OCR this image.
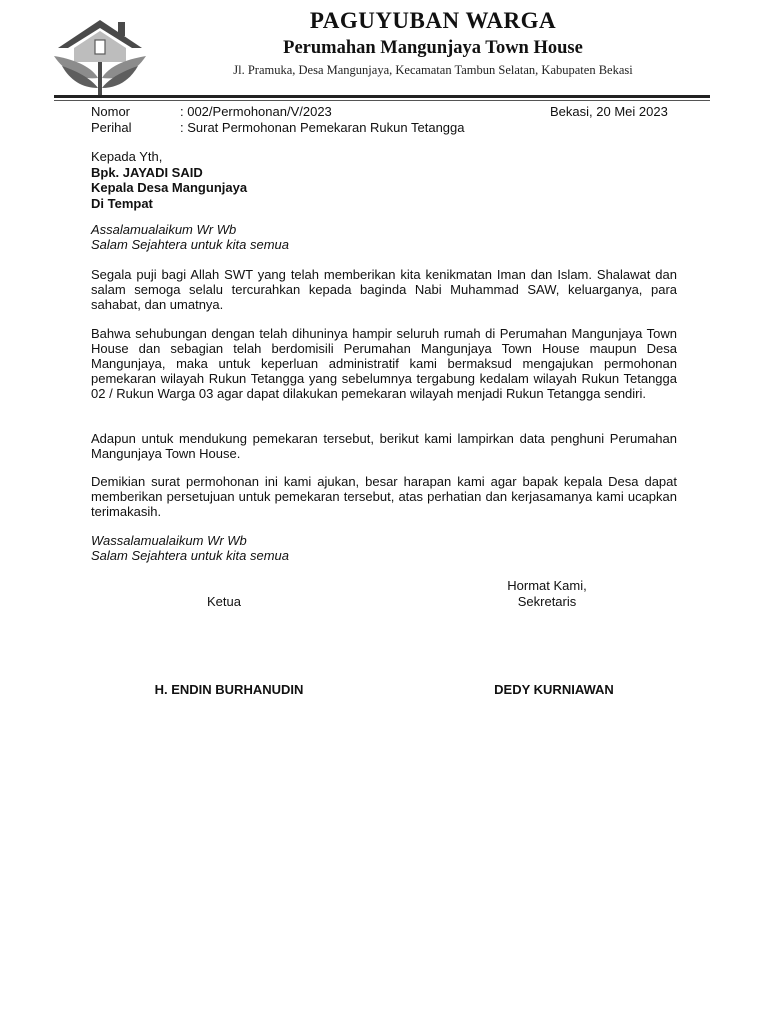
PAGUYUBAN WARGA
Perumahan Mangunjaya Town House
Jl. Pramuka, Desa Mangunjaya, Kecamatan Tambun Selatan, Kabupaten Bekasi
Nomor	: 002/Permohonan/V/2023	Bekasi, 20 Mei 2023
Perihal	: Surat Permohonan Pemekaran Rukun Tetangga

Kepada Yth,

Bpk. JAYADI SAID

Kepala Desa Mangunjaya

Di Tempat

Assalamualaikum Wr Wb

Salam Sejahtera untuk kita semua

Segala puji bagi Allah SWT yang telah memberikan kita kenikmatan Iman dan Islam. Shalawat dan salam semoga selalu tercurahkan kepada baginda Nabi Muhammad SAW, keluarganya, para sahabat, dan umatnya.

Bahwa sehubungan dengan telah dihuninya hampir seluruh rumah di Perumahan Mangunjaya Town House dan sebagian telah berdomisili Perumahan Mangunjaya Town House maupun Desa Mangunjaya, maka untuk keperluan administratif kami bermaksud mengajukan permohonan pemekaran wilayah Rukun Tetangga yang sebelumnya tergabung kedalam wilayah Rukun Tetangga 02 / Rukun Warga 03 agar dapat dilakukan pemekaran wilayah menjadi Rukun Tetangga sendiri.

Adapun untuk mendukung pemekaran tersebut, berikut kami lampirkan data penghuni Perumahan Mangunjaya Town House.

Demikian surat permohonan ini kami ajukan, besar harapan kami agar bapak kepala Desa dapat memberikan persetujuan untuk pemekaran tersebut, atas perhatian dan kerjasamanya kami ucapkan terimakasih.

Wassalamualaikum Wr Wb

Salam Sejahtera untuk kita semua

Hormat Kami,
Sekretaris
Ketua
H. ENDIN BURHANUDIN	DEDY KURNIAWAN
